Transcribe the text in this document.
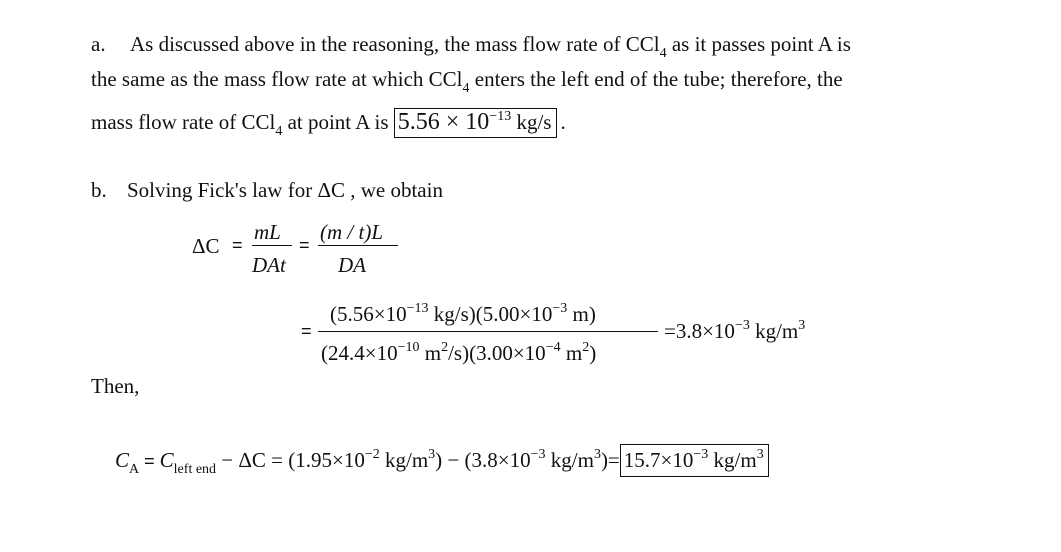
a. As discussed above in the reasoning, the mass flow rate of CCl$_4$ as it passes point A is
the same as the mass flow rate at which CCl$_4$ enters the left end of the tube; therefore, the
mass flow rate of CCl$_4$ at point A is $5.56 \times 10^{-13}$ kg/s .
b. Solving Fick's law for ΔC , we obtain
ΔC =
mL
DAt
=
(m / t)L
DA
=
($5.56\times 10^{-13}$ $kg/s)(5.00\times 10^{-3}$ m)
($24.4\times 10^{-10}$ $m^2/s)(3.00\times 10^{-4}$ $m^2$)
$=3.8\times 10^{-3}$ $kg/m^3$
Then,
$C_A = C_{left end} - \Delta C = (1.95\times 10^{-2}$ $kg/m^3) - (3.8\times 10^{-3}$ $kg/m^3)= 15.7\times 10^{-3}$ $kg/m^3$
